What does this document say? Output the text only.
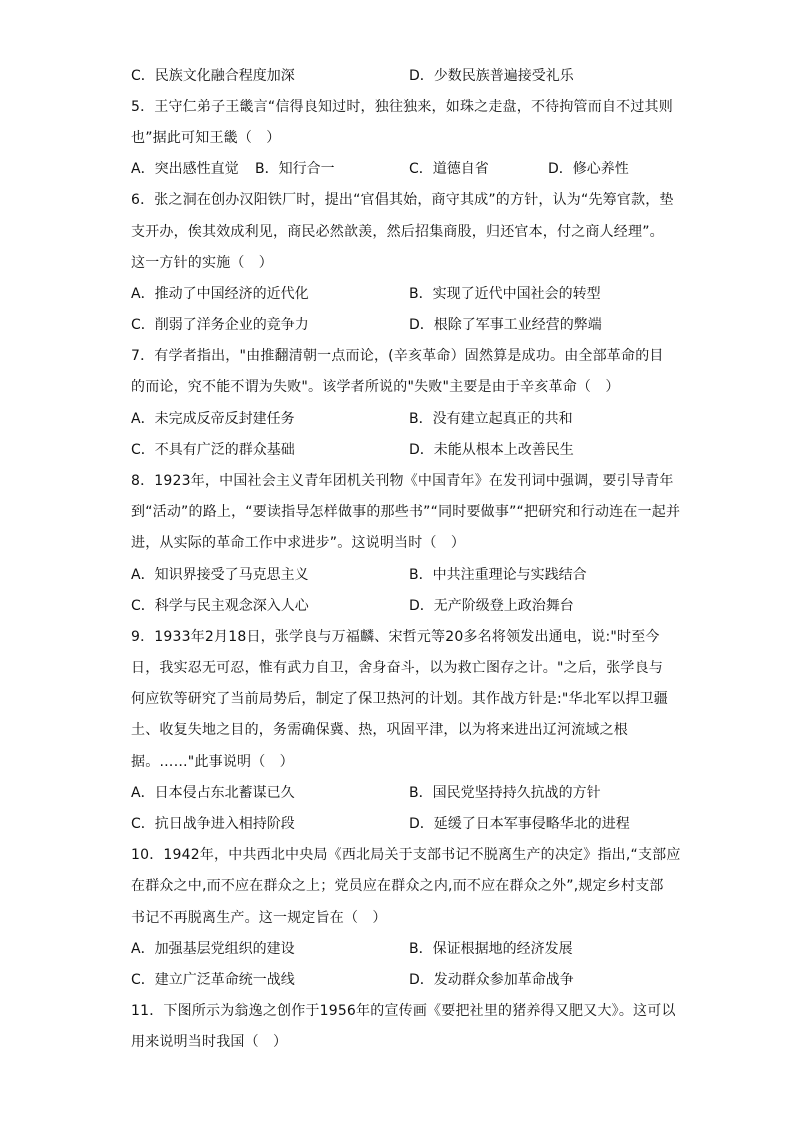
C．民族文化融合程度加深	D．少数民族普遍接受礼乐
5．王守仁弟子王畿言“信得良知过时，独往独来，如珠之走盘，不待拘管而自不过其则
也”据此可知王畿（　）
A．突出感性直觉 B．知行合一	C．道德自省	D．修心养性
6．张之洞在创办汉阳铁厂时，提出“官倡其始，商守其成”的方针，认为“先筹官款，垫
支开办，俟其效成利见，商民必然歆羡，然后招集商股，归还官本，付之商人经理”。
这一方针的实施（　）
A．推动了中国经济的近代化	B．实现了近代中国社会的转型
C．削弱了洋务企业的竞争力	D．根除了军事工业经营的弊端
7．有学者指出，"由推翻清朝一点而论，(辛亥革命）固然算是成功。由全部革命的目
的而论，究不能不谓为失败"。该学者所说的"失败"主要是由于辛亥革命（　）
A．未完成反帝反封建任务	B．没有建立起真正的共和
C．不具有广泛的群众基础	D．未能从根本上改善民生
8．1923年，中国社会主义青年团机关刊物《中国青年》在发刊词中强调，要引导青年
到“活动”的路上，“要读指导怎样做事的那些书”“同时要做事”“把研究和行动连在一起并
进，从实际的革命工作中求进步”。这说明当时（　）
A．知识界接受了马克思主义	B．中共注重理论与实践结合
C．科学与民主观念深入人心	D．无产阶级登上政治舞台
9．1933年2月18日，张学良与万福麟、宋哲元等20多名将领发出通电，说:"时至今
日，我实忍无可忍，惟有武力自卫，舍身奋斗，以为救亡图存之计。"之后，张学良与
何应钦等研究了当前局势后，制定了保卫热河的计划。其作战方针是:"华北军以捍卫疆
土、收复失地之目的，务需确保冀、热，巩固平津，以为将来进出辽河流域之根
据。……"此事说明（　）
A．日本侵占东北蓄谋已久	B．国民党坚持持久抗战的方针
C．抗日战争进入相持阶段	D．延缓了日本军事侵略华北的进程
10．1942年，中共西北中央局《西北局关于支部书记不脱离生产的决定》指出,“支部应
在群众之中,而不应在群众之上；党员应在群众之内,而不应在群众之外”,规定乡村支部
书记不再脱离生产。这一规定旨在（　）
A．加强基层党组织的建设	B．保证根据地的经济发展
C．建立广泛革命统一战线	D．发动群众参加革命战争
11．下图所示为翁逸之创作于1956年的宣传画《要把社里的猪养得又肥又大》。这可以
用来说明当时我国（　）
